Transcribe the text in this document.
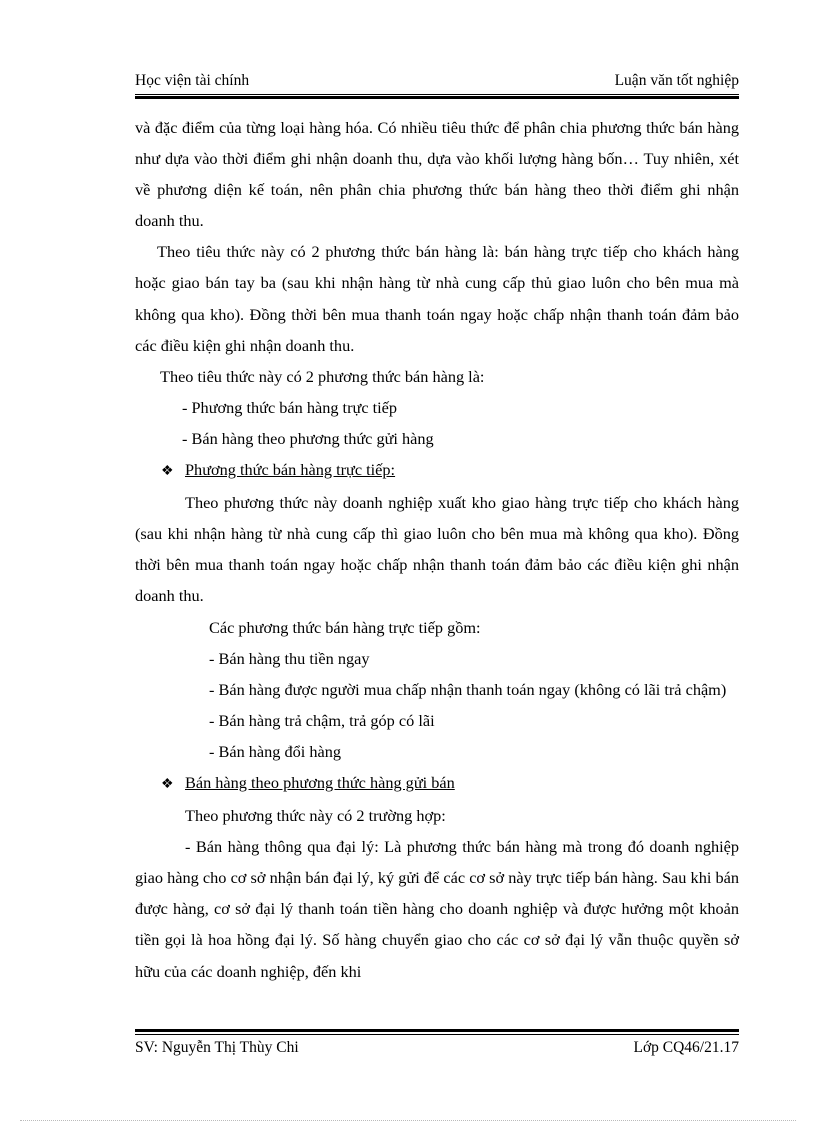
Học viện tài chính	Luận văn tốt nghiệp

và đặc điểm của từng loại hàng hóa. Có nhiều tiêu thức để phân chia phương thức bán hàng như dựa vào thời điểm ghi nhận doanh thu, dựa vào khối lượng hàng bốn… Tuy nhiên, xét về phương diện kế toán, nên phân chia phương thức bán hàng theo thời điểm ghi nhận doanh thu.

Theo tiêu thức này có 2 phương thức bán hàng là: bán hàng trực tiếp cho khách hàng hoặc giao bán tay ba (sau khi nhận hàng từ nhà cung cấp thủ giao luôn cho bên mua mà không qua kho). Đồng thời bên mua thanh toán ngay hoặc chấp nhận thanh toán đảm bảo các điều kiện ghi nhận doanh thu.

Theo tiêu thức này có 2 phương thức bán hàng là:

- Phương thức bán hàng trực tiếp

- Bán hàng theo phương thức gửi hàng

❖ Phương thức bán hàng trực tiếp:

Theo phương thức này doanh nghiệp xuất kho giao hàng trực tiếp cho khách hàng (sau khi nhận hàng từ nhà cung cấp thì giao luôn cho bên mua mà không qua kho). Đồng thời bên mua thanh toán ngay hoặc chấp nhận thanh toán đảm bảo các điều kiện ghi nhận doanh thu.

Các phương thức bán hàng trực tiếp gồm:

- Bán hàng thu tiền ngay

- Bán hàng được người mua chấp nhận thanh toán ngay (không có lãi trả chậm)

- Bán hàng trả chậm, trả góp có lãi

- Bán hàng đổi hàng

❖ Bán hàng theo phương thức hàng gửi bán

Theo phương thức này có 2 trường hợp:

- Bán hàng thông qua đại lý: Là phương thức bán hàng mà trong đó doanh nghiệp giao hàng cho cơ sở nhận bán đại lý, ký gửi để các cơ sở này trực tiếp bán hàng. Sau khi bán được hàng, cơ sở đại lý thanh toán tiền hàng cho doanh nghiệp và được hưởng một khoản tiền gọi là hoa hồng đại lý. Số hàng chuyển giao cho các cơ sở đại lý vẫn thuộc quyền sở hữu của các doanh nghiệp, đến khi

SV: Nguyễn Thị Thùy Chi	Lớp CQ46/21.17
